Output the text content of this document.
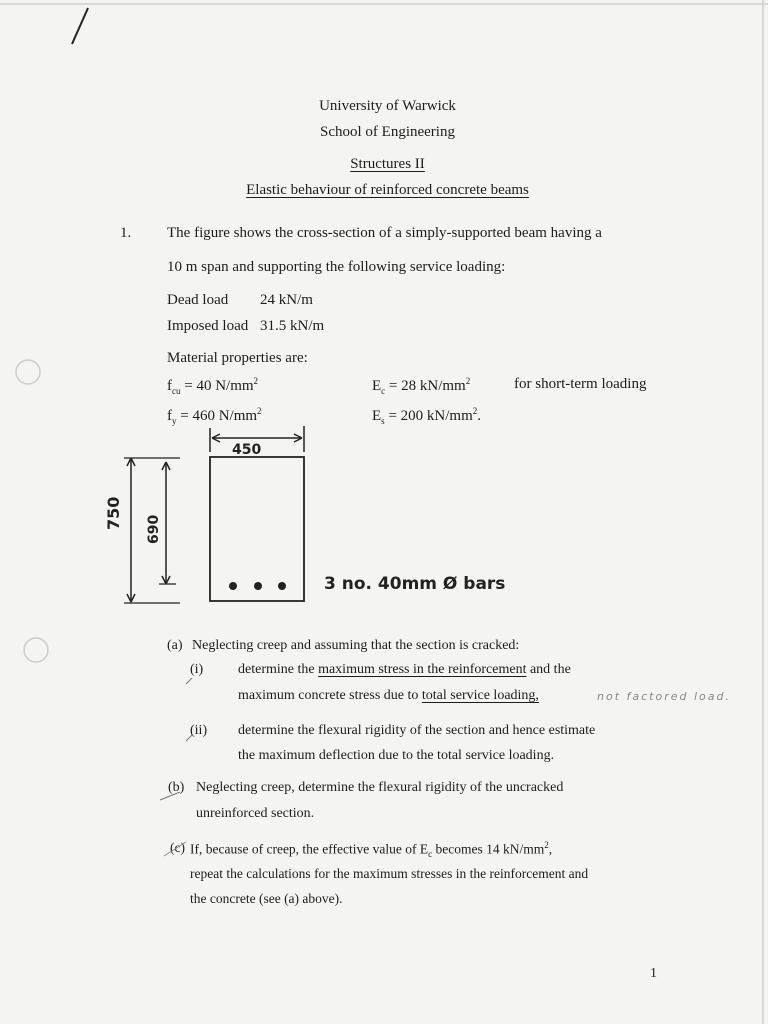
University of Warwick
School of Engineering
Structures II
Elastic behaviour of reinforced concrete beams
1. The figure shows the cross-section of a simply-supported beam having a
10 m span and supporting the following service loading:
Dead load 24 kN/m
Imposed load 31.5 kN/m
Material properties are:
$f_{cu} = 40$ $N/mm^2$	$E_c = 28$ $kN/mm^2$	for short-term loading
$f_y = 460$ $N/mm^2$	$E_s = 200$ $kN/mm^2$.
450
750 690
3 no. 40mm Ø bars
(a) Neglecting creep and assuming that the section is cracked:
(i) determine the maximum stress in the reinforcement and the
maximum concrete stress due to total service loading,	not factored load.
(ii) determine the flexural rigidity of the section and hence estimate
the maximum deflection due to the total service loading.
(b) Neglecting creep, determine the flexural rigidity of the uncracked
unreinforced section.
(c) If, because of creep, the effective value of $E_c$ becomes 14 $kN/mm^2$,
repeat the calculations for the maximum stresses in the reinforcement and
the concrete (see (a) above).
1
